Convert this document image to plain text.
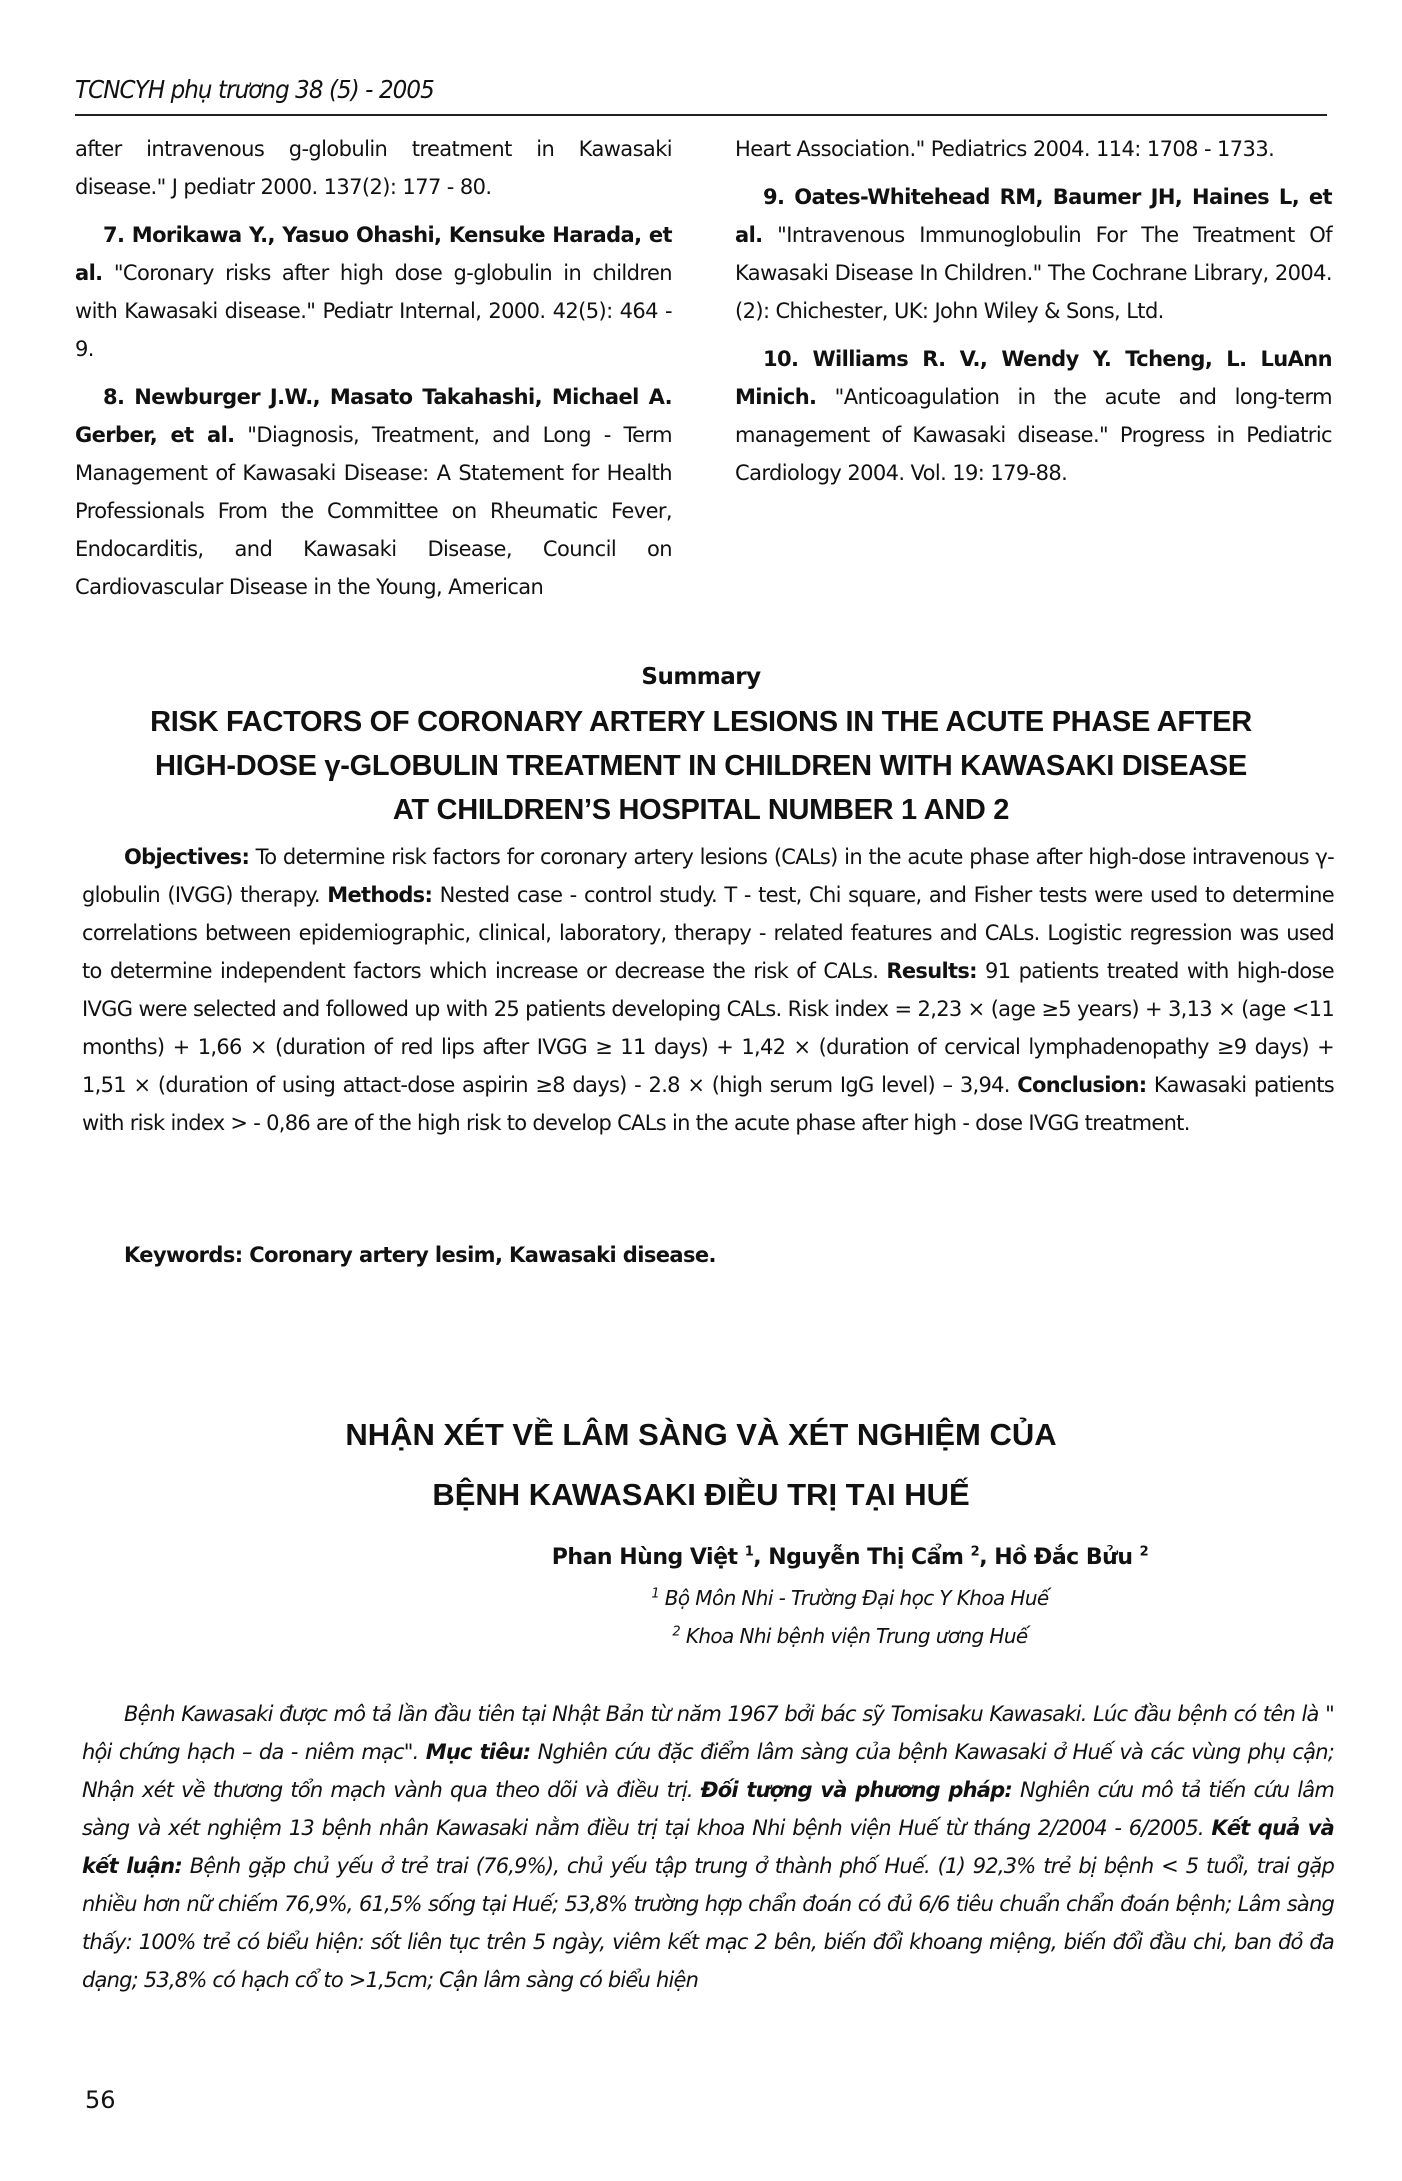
TCNCYH phụ trương 38 (5) - 2005

after intravenous g-globulin treatment in Kawasaki disease." J pediatr 2000. 137(2): 177 - 80.

7. Morikawa Y., Yasuo Ohashi, Kensuke Harada, et al. "Coronary risks after high dose g-globulin in children with Kawasaki disease." Pediatr Internal, 2000. 42(5): 464 - 9.

8. Newburger J.W., Masato Takahashi, Michael A. Gerber, et al. "Diagnosis, Treatment, and Long - Term Management of Kawasaki Disease: A Statement for Health Professionals From the Committee on Rheumatic Fever, Endocarditis, and Kawasaki Disease, Council on Cardiovascular Disease in the Young, American

Heart Association." Pediatrics 2004. 114: 1708 - 1733.

9. Oates-Whitehead RM, Baumer JH, Haines L, et al. "Intravenous Immunoglobulin For The Treatment Of Kawasaki Disease In Children." The Cochrane Library, 2004. (2): Chichester, UK: John Wiley & Sons, Ltd.

10. Williams R. V., Wendy Y. Tcheng, L. LuAnn Minich. "Anticoagulation in the acute and long-term management of Kawasaki disease." Progress in Pediatric Cardiology 2004. Vol. 19: 179-88.

Summary
RISK FACTORS OF CORONARY ARTERY LESIONS IN THE ACUTE PHASE AFTER
HIGH-DOSE γ-GLOBULIN TREATMENT IN CHILDREN WITH KAWASAKI DISEASE
AT CHILDREN’S HOSPITAL NUMBER 1 AND 2

Objectives: To determine risk factors for coronary artery lesions (CALs) in the acute phase after high-dose intravenous γ-globulin (IVGG) therapy. Methods: Nested case - control study. T - test, Chi square, and Fisher tests were used to determine correlations between epidemiographic, clinical, laboratory, therapy - related features and CALs. Logistic regression was used to determine independent factors which increase or decrease the risk of CALs. Results: 91 patients treated with high-dose IVGG were selected and followed up with 25 patients developing CALs. Risk index = 2,23 × (age ≥5 years) + 3,13 × (age <11 months) + 1,66 × (duration of red lips after IVGG ≥ 11 days) + 1,42 × (duration of cervical lymphadenopathy ≥9 days) + 1,51 × (duration of using attact-dose aspirin ≥8 days) - 2.8 × (high serum IgG level) – 3,94. Conclusion: Kawasaki patients with risk index > - 0,86 are of the high risk to develop CALs in the acute phase after high - dose IVGG treatment.

Keywords: Coronary artery lesim, Kawasaki disease.
NHẬN XÉT VỀ LÂM SÀNG VÀ XÉT NGHIỆM CỦA
BỆNH KAWASAKI ĐIỀU TRỊ TẠI HUẾ
Phan Hùng Việt $^1$, Nguyễn Thị Cẩm $^2$, Hồ Đắc Bửu $^2$
$^1$ Bộ Môn Nhi - Trường Đại học Y Khoa Huế
$^2$ Khoa Nhi bệnh viện Trung ương Huế

Bệnh Kawasaki được mô tả lần đầu tiên tại Nhật Bản từ năm 1967 bởi bác sỹ Tomisaku Kawasaki. Lúc đầu bệnh có tên là " hội chứng hạch – da - niêm mạc". Mục tiêu: Nghiên cứu đặc điểm lâm sàng của bệnh Kawasaki ở Huế và các vùng phụ cận; Nhận xét về thương tổn mạch vành qua theo dõi và điều trị. Đối tượng và phương pháp: Nghiên cứu mô tả tiến cứu lâm sàng và xét nghiệm 13 bệnh nhân Kawasaki nằm điều trị tại khoa Nhi bệnh viện Huế từ tháng 2/2004 - 6/2005. Kết quả và kết luận: Bệnh gặp chủ yếu ở trẻ trai (76,9%), chủ yếu tập trung ở thành phố Huế. (1) 92,3% trẻ bị bệnh < 5 tuổi, trai gặp nhiều hơn nữ chiếm 76,9%, 61,5% sống tại Huế; 53,8% trường hợp chẩn đoán có đủ 6/6 tiêu chuẩn chẩn đoán bệnh; Lâm sàng thấy: 100% trẻ có biểu hiện: sốt liên tục trên 5 ngày, viêm kết mạc 2 bên, biến đổi khoang miệng, biến đổi đầu chi, ban đỏ đa dạng; 53,8% có hạch cổ to >1,5cm; Cận lâm sàng có biểu hiện

56
